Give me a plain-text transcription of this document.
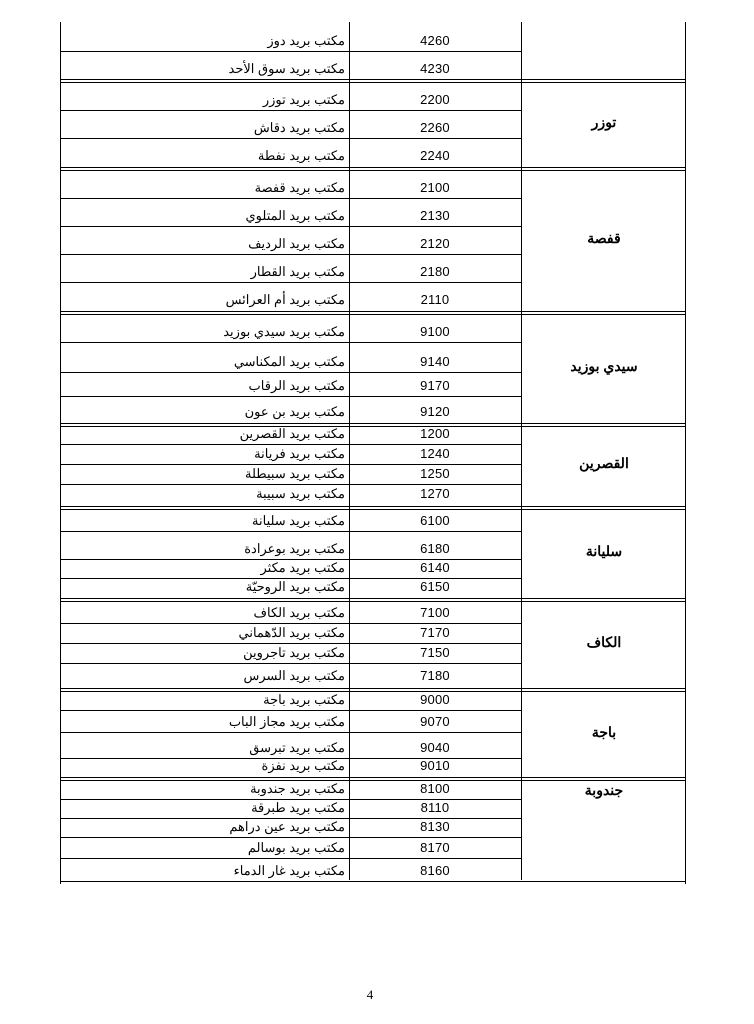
مكتب بريد دوز	4260
مكتب بريد سوق الأحد	4230
مكتب بريد توزر	2200
مكتب بريد دقاش	2260
مكتب بريد نفطة	2240
توزر
مكتب بريد قفصة	2100
مكتب بريد المتلوي	2130
مكتب بريد الرديف	2120
مكتب بريد القطار	2180
مكتب بريد أم العرائس	2110
قفصة
مكتب بريد سيدي بوزيد	9100
مكتب بريد المكناسي	9140
مكتب بريد الرقاب	9170
مكتب بريد بن عون	9120
سيدي بوزيد
مكتب بريد القصرين	1200
مكتب بريد فريانة	1240
مكتب بريد سبيطلة	1250
مكتب بريد سبيبة	1270
القصرين
مكتب بريد سليانة	6100
مكتب بريد بوعرادة	6180
مكتب بريد مكثر	6140
مكتب بريد الروحيّة	6150
سليانة
مكتب بريد الكاف	7100
مكتب بريد الدّهماني	7170
مكتب بريد تاجروين	7150
مكتب بريد السرس	7180
الكاف
مكتب بريد باجة	9000
مكتب بريد مجاز الباب	9070
مكتب بريد تبرسق	9040
مكتب بريد نفزة	9010
باجة
مكتب بريد جندوبة	8100
مكتب بريد طبرقة	8110
مكتب بريد عين دراهم	8130
مكتب بريد بوسالم	8170
مكتب بريد غار الدماء	8160
جندوبة
4
